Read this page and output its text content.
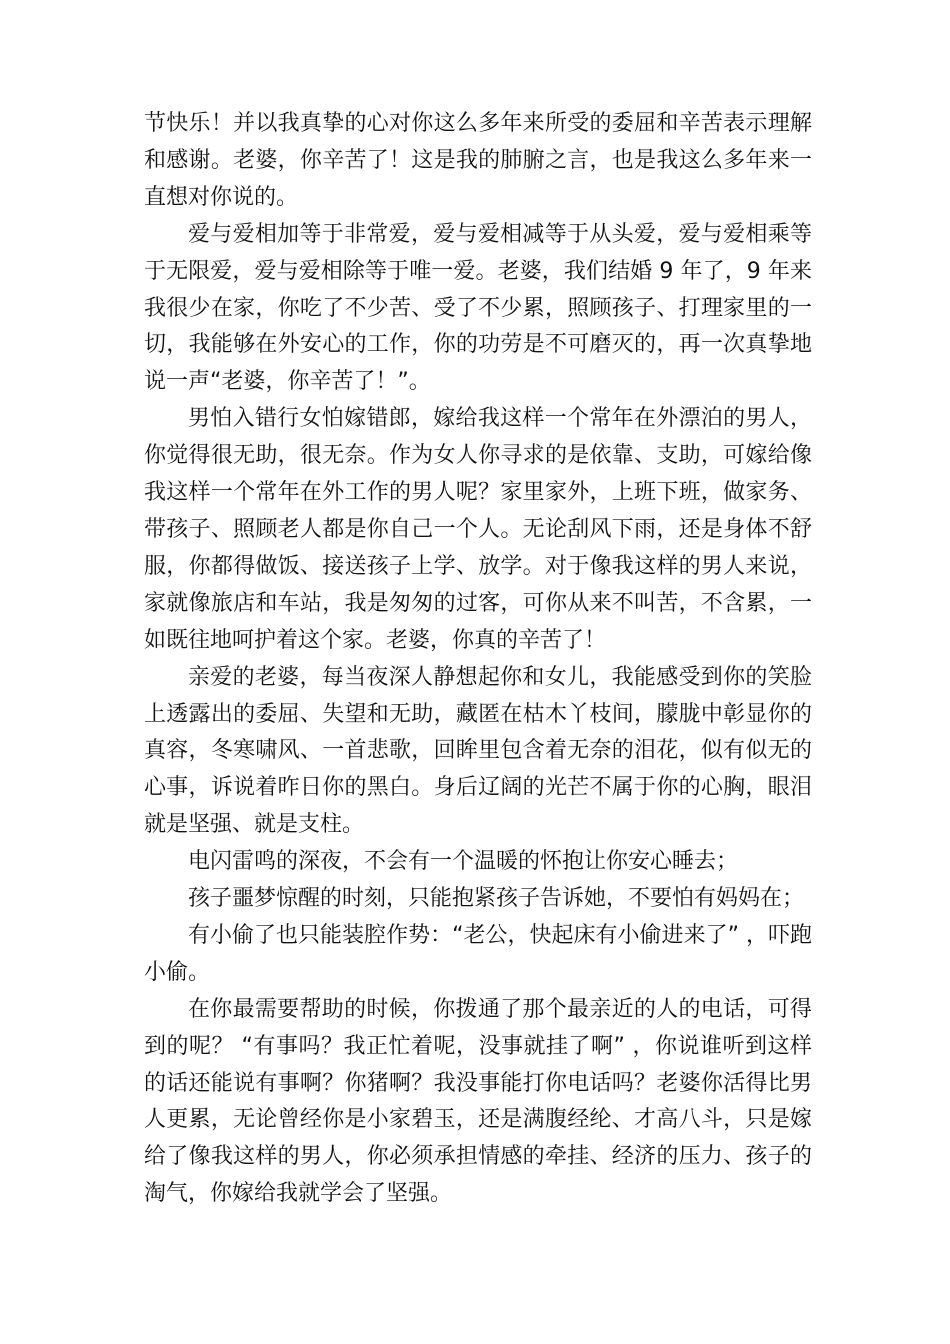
节快乐！并以我真挚的心对你这么多年来所受的委屈和辛苦表示理解和感谢。老婆，你辛苦了！这是我的肺腑之言，也是我这么多年来一直想对你说的。

爱与爱相加等于非常爱，爱与爱相减等于从头爱，爱与爱相乘等于无限爱，爱与爱相除等于唯一爱。老婆，我们结婚 9 年了，9 年来我很少在家，你吃了不少苦、受了不少累，照顾孩子、打理家里的一切，我能够在外安心的工作，你的功劳是不可磨灭的，再一次真挚地说一声“老婆，你辛苦了！”。

男怕入错行女怕嫁错郎，嫁给我这样一个常年在外漂泊的男人，你觉得很无助，很无奈。作为女人你寻求的是依靠、支助，可嫁给像我这样一个常年在外工作的男人呢？家里家外，上班下班，做家务、带孩子、照顾老人都是你自己一个人。无论刮风下雨，还是身体不舒服，你都得做饭、接送孩子上学、放学。对于像我这样的男人来说，家就像旅店和车站，我是匆匆的过客，可你从来不叫苦，不含累，一如既往地呵护着这个家。老婆，你真的辛苦了！

亲爱的老婆，每当夜深人静想起你和女儿，我能感受到你的笑脸上透露出的委屈、失望和无助，藏匿在枯木丫枝间，朦胧中彰显你的真容，冬寒啸风、一首悲歌，回眸里包含着无奈的泪花，似有似无的心事，诉说着昨日你的黑白。身后辽阔的光芒不属于你的心胸，眼泪就是坚强、就是支柱。

电闪雷鸣的深夜，不会有一个温暖的怀抱让你安心睡去；

孩子噩梦惊醒的时刻，只能抱紧孩子告诉她，不要怕有妈妈在；

有小偷了也只能装腔作势：“老公，快起床有小偷进来了” ，吓跑小偷。

在你最需要帮助的时候，你拨通了那个最亲近的人的电话，可得到的呢？ “有事吗？我正忙着呢，没事就挂了啊” ，你说谁听到这样的话还能说有事啊？你猪啊？我没事能打你电话吗？老婆你活得比男人更累，无论曾经你是小家碧玉，还是满腹经纶、才高八斗，只是嫁给了像我这样的男人，你必须承担情感的牵挂、经济的压力、孩子的淘气，你嫁给我就学会了坚强。
